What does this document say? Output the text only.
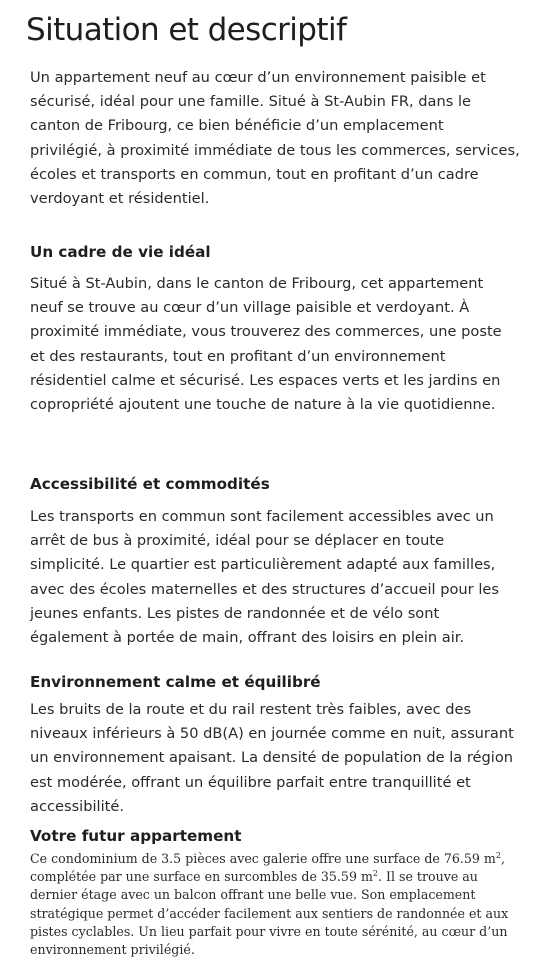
Situation et descriptif

Un appartement neuf au cœur d’un environnement paisible et sécurisé, idéal pour une famille. Situé à St-Aubin FR, dans le canton de Fribourg, ce bien bénéficie d’un emplacement privilégié, à proximité immédiate de tous les commerces, services, écoles et transports en commun, tout en profitant d’un cadre verdoyant et résidentiel.

Un cadre de vie idéal

Situé à St-Aubin, dans le canton de Fribourg, cet appartement neuf se trouve au cœur d’un village paisible et verdoyant. À proximité immédiate, vous trouverez des commerces, une poste et des restaurants, tout en profitant d’un environnement résidentiel calme et sécurisé. Les espaces verts et les jardins en copropriété ajoutent une touche de nature à la vie quotidienne.

Accessibilité et commodités

Les transports en commun sont facilement accessibles avec un arrêt de bus à proximité, idéal pour se déplacer en toute simplicité. Le quartier est particulièrement adapté aux familles, avec des écoles maternelles et des structures d’accueil pour les jeunes enfants. Les pistes de randonnée et de vélo sont également à portée de main, offrant des loisirs en plein air.

Environnement calme et équilibré

Les bruits de la route et du rail restent très faibles, avec des niveaux inférieurs à 50 dB(A) en journée comme en nuit, assurant un environnement apaisant. La densité de population de la région est modérée, offrant un équilibre parfait entre tranquillité et accessibilité.

Votre futur appartement

Ce condominium de 3.5 pièces avec galerie offre une surface de 76.59 $m^2$, complétée par une surface en surcombles de 35.59 $m^2$. Il se trouve au dernier étage avec un balcon offrant une belle vue. Son emplacement stratégique permet d’accéder facilement aux sentiers de randonnée et aux pistes cyclables. Un lieu parfait pour vivre en toute sérénité, au cœur d’un environnement privilégié.
